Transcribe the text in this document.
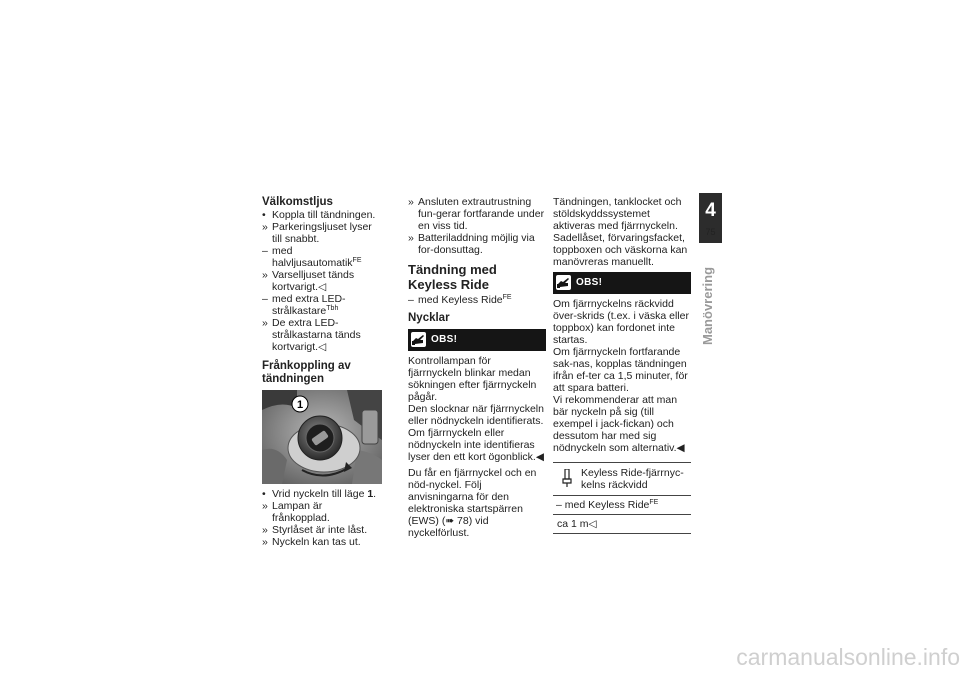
Välkomstljus
• Koppla till tändningen.
» Parkeringsljuset lyser till snabbt.
– med halvljusautomatik$^{FE}$
» Varselljuset tänds kortvarigt.◁
– med extra LED-strålkastare$^{Tbh}$
» De extra LED-strålkastarna tänds kortvarigt.◁
Frånkoppling av tändningen
1
• Vrid nyckeln till läge 1.
» Lampan är frånkopplad.
» Styrlåset är inte låst.
» Nyckeln kan tas ut.
» Ansluten extrautrustning fun-gerar fortfarande under en viss tid.
» Batteriladdning möjlig via for-donsuttag.
Tändning med Keyless Ride
– med Keyless Ride$^{FE}$
Nycklar
OBS!

Kontrollampan för fjärrnyckeln blinkar medan sökningen efter fjärrnyckeln pågår.

Den slocknar när fjärrnyckeln eller nödnyckeln identifierats.

Om fjärrnyckeln eller nödnyckeln inte identifieras lyser den ett kort ögonblick.◀

Du får en fjärrnyckel och en nöd-nyckel. Följ anvisningarna för den elektroniska startspärren (EWS) (➠ 78) vid nyckelförlust.

Tändningen, tanklocket och stöldskyddssystemet aktiveras med fjärrnyckeln. Sadellåset, förvaringsfacket, toppboxen och väskorna kan manövreras manuellt.

OBS!

Om fjärrnyckelns räckvidd över-skrids (t.ex. i väska eller toppbox) kan fordonet inte startas.

Om fjärrnyckeln fortfarande sak-nas, kopplas tändningen ifrån ef-ter ca 1,5 minuter, för att spara batteri.

Vi rekommenderar att man bär nyckeln på sig (till exempel i jack-fickan) och dessutom har med sig nödnyckeln som alternativ.◀

Keyless Ride-fjärrnyc-kelns räckvidd
– med Keyless Ride$^{FE}$
ca 1 m◁
4
75
Manövrering
carmanualsonline.info
